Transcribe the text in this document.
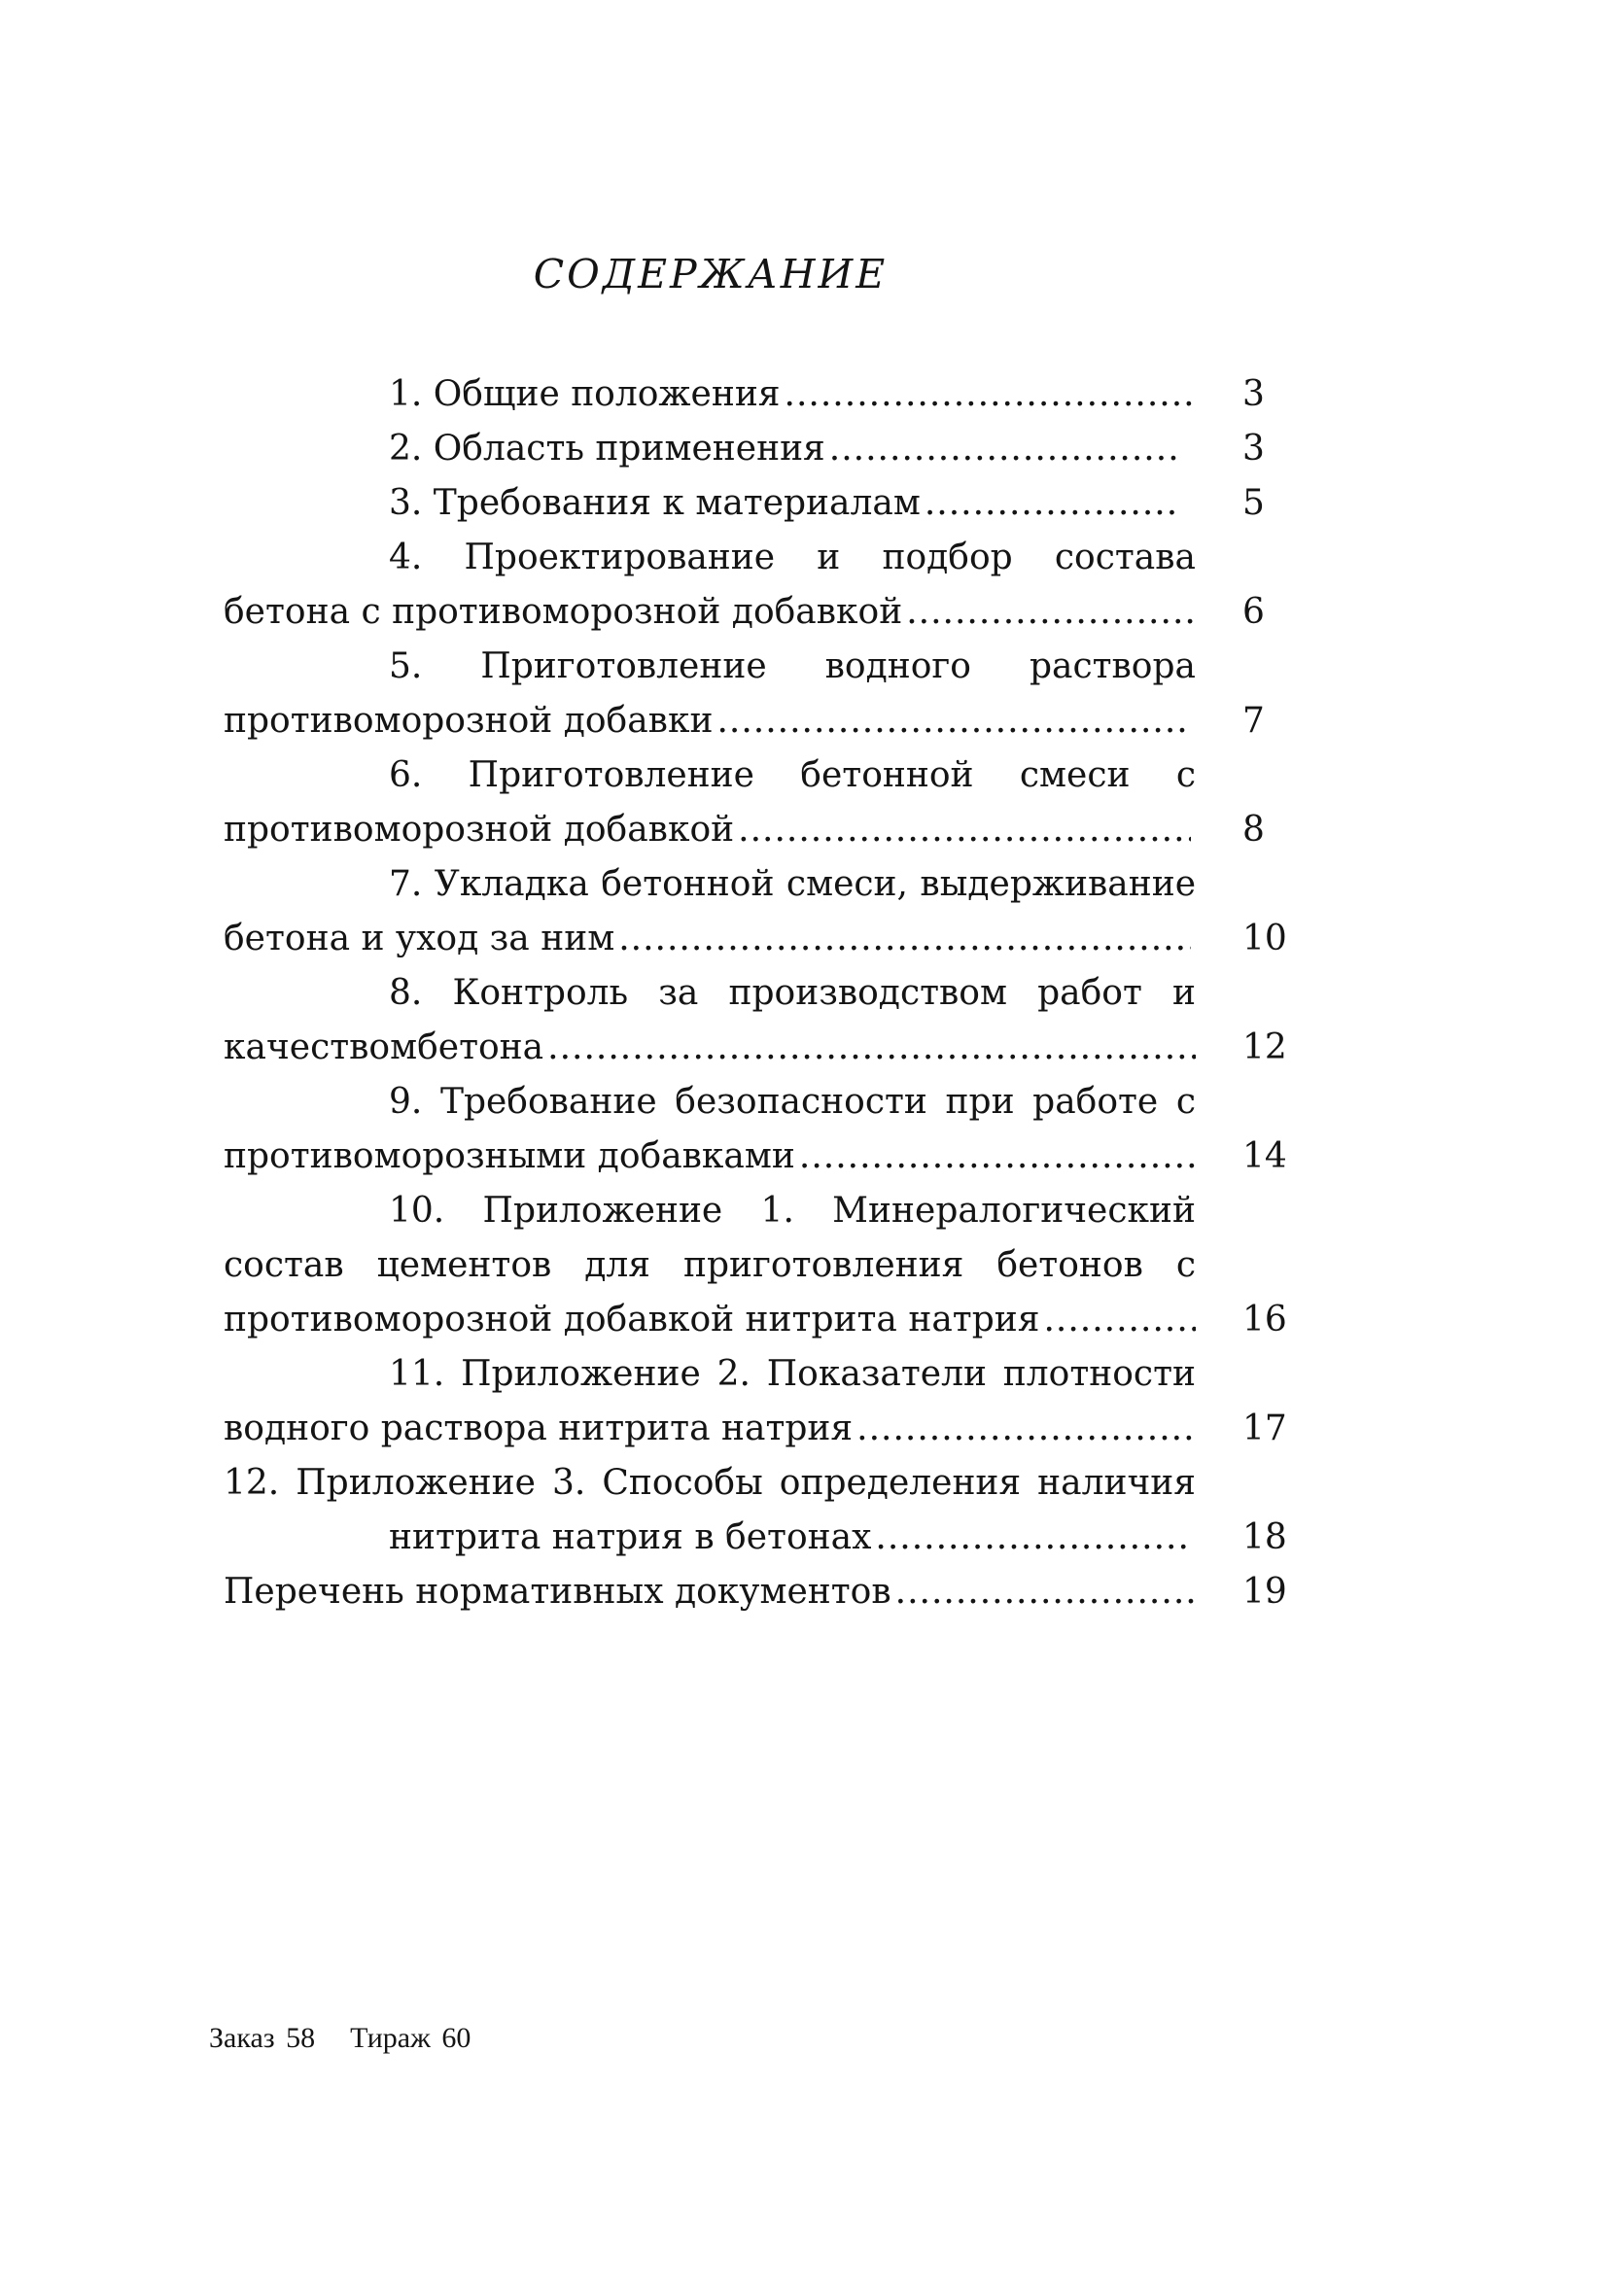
СОДЕРЖАНИЕ
1. Общие положения .....	3
2. Область применения .....	3
3. Требования к материалам .....	5
4. Проектирование и подбор состава
бетона с противоморозной добавкой .....	6
5. Приготовление водного раствора
противоморозной добавки .....	7
6. Приготовление бетонной смеси с
противоморозной добавкой .....	8
7. Укладка бетонной смеси, выдерживание
бетона и уход за ним .....	10
8. Контроль за производством работ и
качествомбетона .....	12
9. Требование безопасности при работе с
противоморозными добавками .....	14
10. Приложение 1. Минералогический
состав цементов для приготовления бетонов с
противоморозной добавкой нитрита натрия .....	16
11. Приложение 2. Показатели плотности
водного раствора нитрита натрия .....	17
12. Приложение 3. Способы определения наличия
нитрита натрия в бетонах .....	18
Перечень нормативных документов .....	19
Заказ 58 Тираж 60
